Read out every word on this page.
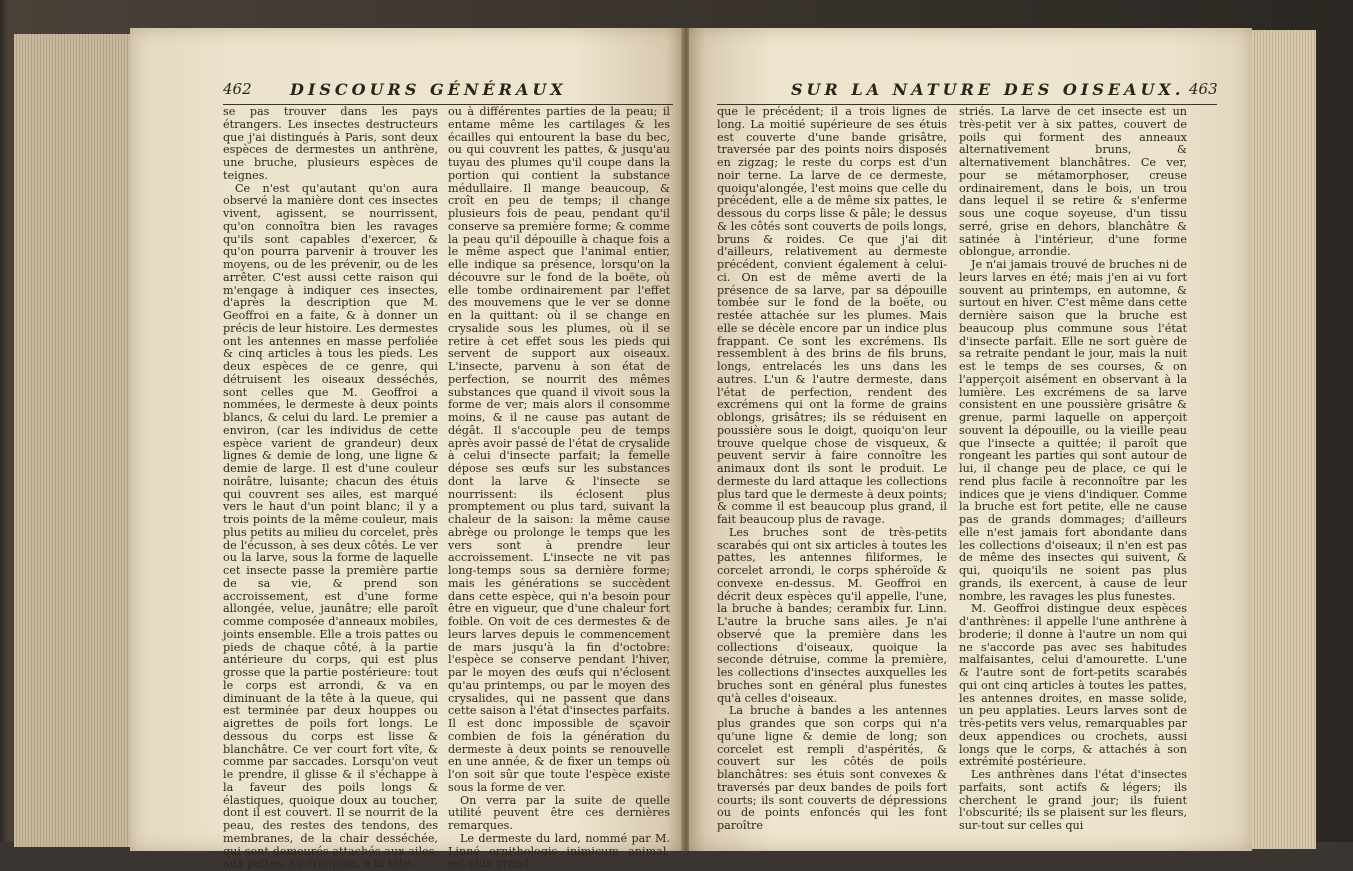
462 DISCOURS GÉNÉRAUX

se pas trouver dans les pays étrangers. Les insectes destructeurs que j'ai distingués à Paris, sont deux espèces de dermestes un anthrène, une bruche, plusieurs espèces de teignes.

Ce n'est qu'autant qu'on aura observé la manière dont ces insectes vivent, agissent, se nourrissent, qu'on connoîtra bien les ravages qu'ils sont capables d'exercer, & qu'on pourra parvenir à trouver les moyens, ou de les prévenir, ou de les arrêter. C'est aussi cette raison qui m'engage à indiquer ces insectes, d'après la description que M. Geoffroi en a faite, & à donner un précis de leur histoire. Les dermestes ont les antennes en masse perfoliée & cinq articles à tous les pieds. Les deux espèces de ce genre, qui détruisent les oiseaux desséchés, sont celles que M. Geoffroi a nommées, le dermeste à deux points blancs, & celui du lard. Le premier a environ, (car les individus de cette espèce varient de grandeur) deux lignes & demie de long, une ligne & demie de large. Il est d'une couleur noirâtre, luisante; chacun des étuis qui couvrent ses ailes, est marqué vers le haut d'un point blanc; il y a trois points de la même couleur, mais plus petits au milieu du corcelet, près de l'écusson, à ses deux côtés. Le ver ou la larve, sous la forme de laquelle cet insecte passe la première partie de sa vie, & prend son accroissement, est d'une forme allongée, velue, jaunâtre; elle paroît comme composée d'anneaux mobiles, joints ensemble. Elle a trois pattes ou pieds de chaque côté, à la partie antérieure du corps, qui est plus grosse que la partie postérieure: tout le corps est arrondi, & va en diminuant de la tête à la queue, qui est terminée par deux houppes ou aigrettes de poils fort longs. Le dessous du corps est lisse & blanchâtre. Ce ver court fort vîte, & comme par saccades. Lorsqu'on veut le prendre, il glisse & il s'échappe à la faveur des poils longs & élastiques, quoique doux au toucher, dont il est couvert. Il se nourrit de la peau, des restes des tendons, des membranes, de la chair desséchée, qui sont demeurés attachés aux ailes, aux pattes, au croupion, à la tête,

ou à différentes parties de la peau; il entame même les cartilages & les écailles qui entourent la base du bec, ou qui couvrent les pattes, & jusqu'au tuyau des plumes qu'il coupe dans la portion qui contient la substance médullaire. Il mange beaucoup, & croît en peu de temps; il change plusieurs fois de peau, pendant qu'il conserve sa première forme; & comme la peau qu'il dépouille à chaque fois a le même aspect que l'animal entier, elle indique sa présence, lorsqu'on la découvre sur le fond de la boëte, où elle tombe ordinairement par l'effet des mouvemens que le ver se donne en la quittant: où il se change en crysalide sous les plumes, où il se retire à cet effet sous les pieds qui servent de support aux oiseaux. L'insecte, parvenu à son état de perfection, se nourrit des mêmes substances que quand il vivoit sous la forme de ver; mais alors il consomme moins, & il ne cause pas autant de dégât. Il s'accouple peu de temps après avoir passé de l'état de crysalide à celui d'insecte parfait; la femelle dépose ses œufs sur les substances dont la larve & l'insecte se nourrissent: ils éclosent plus promptement ou plus tard, suivant la chaleur de la saison: la même cause abrège ou prolonge le temps que les vers sont à prendre leur accroissement. L'insecte ne vit pas long-temps sous sa dernière forme; mais les générations se succèdent dans cette espèce, qui n'a besoin pour être en vigueur, que d'une chaleur fort foible. On voit de ces dermestes & de leurs larves depuis le commencement de mars jusqu'à la fin d'octobre: l'espèce se conserve pendant l'hiver, par le moyen des œufs qui n'éclosent qu'au printemps, ou par le moyen des crysalides, qui ne passent que dans cette saison à l'état d'insectes parfaits. Il est donc impossible de sçavoir combien de fois la génération du dermeste à deux points se renouvelle en une année, & de fixer un temps où l'on soit sûr que toute l'espèce existe sous la forme de ver.

On verra par la suite de quelle utilité peuvent être ces dernières remarques.

Le dermeste du lard, nommé par M. Linné ornithologis inimicum animal, est plus grand

SUR LA NATURE DES OISEAUX. 463

que le précédent; il a trois lignes de long. La moitié supérieure de ses étuis est couverte d'une bande grisâtre, traversée par des points noirs disposés en zigzag; le reste du corps est d'un noir terne. La larve de ce dermeste, quoiqu'alongée, l'est moins que celle du précédent, elle a de même six pattes, le dessous du corps lisse & pâle; le dessus & les côtés sont couverts de poils longs, bruns & roides. Ce que j'ai dit d'ailleurs, relativement au dermeste précédent, convient également à celui-ci. On est de même averti de la présence de sa larve, par sa dépouille tombée sur le fond de la boëte, ou restée attachée sur les plumes. Mais elle se décèle encore par un indice plus frappant. Ce sont les excrémens. Ils ressemblent à des brins de fils bruns, longs, entrelacés les uns dans les autres. L'un & l'autre dermeste, dans l'état de perfection, rendent des excrémens qui ont la forme de grains oblongs, grisâtres; ils se réduisent en poussière sous le doigt, quoiqu'on leur trouve quelque chose de visqueux, & peuvent servir à faire connoître les animaux dont ils sont le produit. Le dermeste du lard attaque les collections plus tard que le dermeste à deux points; & comme il est beaucoup plus grand, il fait beaucoup plus de ravage.

Les bruches sont de très-petits scarabés qui ont six articles à toutes les pattes, les antennes filiformes, le corcelet arrondi, le corps sphéroïde & convexe en-dessus. M. Geoffroi en décrit deux espèces qu'il appelle, l'une, la bruche à bandes; cerambix fur. Linn. L'autre la bruche sans ailes. Je n'ai observé que la première dans les collections d'oiseaux, quoique la seconde détruise, comme la première, les collections d'insectes auxquelles les bruches sont en général plus funestes qu'à celles d'oiseaux.

La bruche à bandes a les antennes plus grandes que son corps qui n'a qu'une ligne & demie de long; son corcelet est rempli d'aspérités, & couvert sur les côtés de poils blanchâtres: ses étuis sont convexes & traversés par deux bandes de poils fort courts; ils sont couverts de dépressions ou de points enfoncés qui les font paroître

striés. La larve de cet insecte est un très-petit ver à six pattes, couvert de poils qui forment des anneaux alternativement bruns, & alternativement blanchâtres. Ce ver, pour se métamorphoser, creuse ordinairement, dans le bois, un trou dans lequel il se retire & s'enferme sous une coque soyeuse, d'un tissu serré, grise en dehors, blanchâtre & satinée à l'intérieur, d'une forme oblongue, arrondie.

Je n'ai jamais trouvé de bruches ni de leurs larves en été; mais j'en ai vu fort souvent au printemps, en automne, & surtout en hiver. C'est même dans cette dernière saison que la bruche est beaucoup plus commune sous l'état d'insecte parfait. Elle ne sort guère de sa retraite pendant le jour, mais la nuit est le temps de ses courses, & on l'apperçoit aisément en observant à la lumière. Les excrémens de sa larve consistent en une poussière grisâtre & grenue, parmi laquelle on apperçoit souvent la dépouille, ou la vieille peau que l'insecte a quittée; il paroît que rongeant les parties qui sont autour de lui, il change peu de place, ce qui le rend plus facile à reconnoître par les indices que je viens d'indiquer. Comme la bruche est fort petite, elle ne cause pas de grands dommages; d'ailleurs elle n'est jamais fort abondante dans les collections d'oiseaux; il n'en est pas de même des insectes qui suivent, & qui, quoiqu'ils ne soient pas plus grands, ils exercent, à cause de leur nombre, les ravages les plus funestes.

M. Geoffroi distingue deux espèces d'anthrènes: il appelle l'une anthrène à broderie; il donne à l'autre un nom qui ne s'accorde pas avec ses habitudes malfaisantes, celui d'amourette. L'une & l'autre sont de fort-petits scarabés qui ont cinq articles à toutes les pattes, les antennes droites, en masse solide, un peu applaties. Leurs larves sont de très-petits vers velus, remarquables par deux appendices ou crochets, aussi longs que le corps, & attachés à son extrémité postérieure.

Les anthrènes dans l'état d'insectes parfaits, sont actifs & légers; ils cherchent le grand jour; ils fuient l'obscurité; ils se plaisent sur les fleurs, sur-tout sur celles qui
